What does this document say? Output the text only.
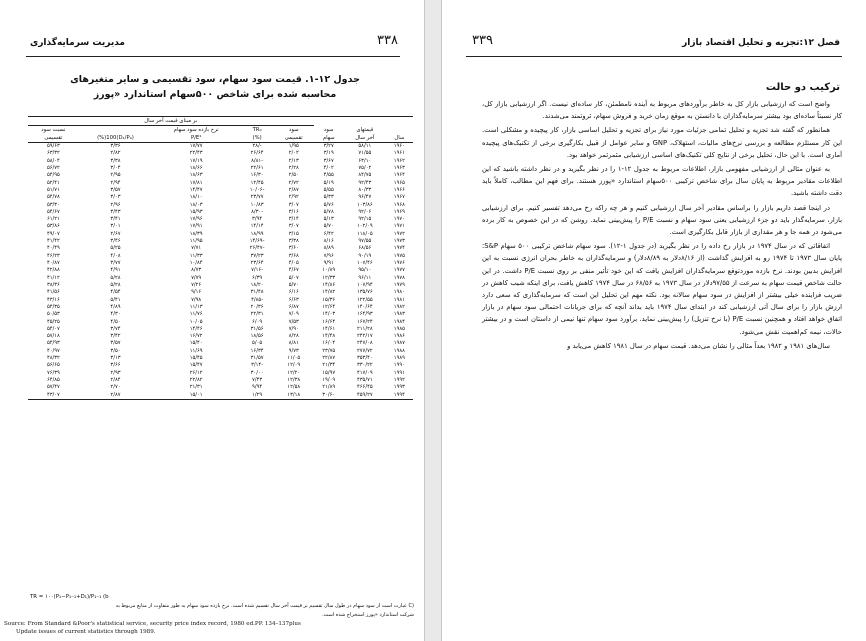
۳۳۸
مدیریت سرمایه‌گذاری
جدول ۱۲-۱. قیمت سود سهام، سود تقسیمی و سایر متغیرهای
محاسبه شده برای شاخص ۵۰۰سهام استاندارد «پورز
			بر مبنای قیمت آخر سال				
	قیمتهای	سود	سود	TR₀	نرخ بازده سود سهام		نسبت سود
سال	آخر سال	سهام	تقسیمی	(%)	P/E¹	(D₁/P₀)100(%)	تقسیمی
۱۹۶۰	۵۸/۱۱	۳/۲۷	۱/۹۵	-/۲۸	۱۷/۷۷	۳/۳۶	۵۹/۶۳
۱۹۶۱	۷۱/۵۵	۳/۱۹	۲/۰۲	۲۶/۶۴	۲۲/۴۳	۲/۸۲	۶۳/۳۲
۱۹۶۲	۶۳/۱۰	۳/۶۷	۲/۱۳	-۸/۸۱	۱۷/۱۹	۳/۳۸	۵۸/۰۴
۱۹۶۳	۷۵/۰۲	۴/۰۲	۲/۲۸	۲۲/۶۱	۱۸/۶۶	۳/۰۴	۵۶/۷۲
۱۹۶۴	۸۴/۷۵	۴/۵۵	۲/۵۰	۱۶/۳۰	۱۸/۶۳	۲/۹۵	۵۴/۹۵
۱۹۶۵	۹۲/۴۳	۵/۱۹	۲/۷۲	۱۲/۴۵	۱۷/۸۱	۲/۹۴	۵۲/۴۱
۱۹۶۶	۸۰/۳۳	۵/۵۵	۲/۸۷	-۱۰/۰۶	۱۴/۴۷	۳/۵۷	۵۱/۷۱
۱۹۶۷	۹۶/۴۷	۵/۳۳	۲/۹۲	۲۳/۷۷	۱۸/۱۰	۳/۰۳	۵۴/۷۸
۱۹۶۸	۱۰۳/۸۶	۵/۷۶	۳/۰۷	۱۰/۸۳	۱۸/۰۳	۲/۹۶	۵۳/۳۰
۱۹۶۹	۹۲/۰۶	۵/۷۸	۳/۱۶	-۸/۳۰	۱۵/۹۳	۳/۴۳	۵۴/۶۷
۱۹۷۰	۹۲/۱۵	۵/۱۳	۳/۱۴	۳/۹۴	۱۷/۹۶	۳/۴۱	۶۱/۲۱
۱۹۷۱	۱۰۲/۰۹	۵/۷۰	۳/۰۷	۱۴/۱۴	۱۷/۹۱	۳/۰۱	۵۳/۸۶
۱۹۷۲	۱۱۸/۰۵	۶/۴۲	۳/۱۵	۱۸/۹۹	۱۸/۳۹	۲/۶۷	۴۹/۰۷
۱۹۷۳	۹۷/۵۵	۸/۱۶	۳/۳۸	-۱۴/۶۹	۱۱/۹۵	۳/۴۶	۴۱/۴۲
۱۹۷۴	۶۸/۵۶	۸/۸۹	۳/۶۰	-۲۶/۴۷	۷/۷۱	۵/۲۵	۴۰/۴۹
۱۹۷۵	۹۰/۱۹	۷/۹۶	۳/۶۸	۳۷/۲۳	۱۱/۳۳	۴/۰۸	۴۶/۲۳
۱۹۷۶	۱۰۷/۴۶	۹/۹۱	۴/۰۵	۲۳/۶۴	۱۰/۸۴	۳/۷۷	۴۰/۸۷
۱۹۷۷	۹۵/۱۰	۱۰/۸۹	۴/۶۷	-۷/۱۶	۸/۷۳	۴/۹۱	۴۲/۸۸
۱۹۷۸	۹۶/۱۱	۱۲/۳۳	۵/۰۷	۶/۳۹	۷/۷۹	۵/۲۸	۴۱/۱۲
۱۹۷۹	۱۰۷/۹۴	۱۴/۸۶	۵/۷۰	۱۸/۲۰	۷/۲۶	۵/۲۸	۳۸/۳۶
۱۹۸۰	۱۳۵/۷۶	۱۴/۸۲	۶/۱۶	۳۱/۴۸	۹/۱۶	۴/۵۴	۴۱/۵۶
۱۹۸۱	۱۲۲/۵۵	۱۵/۳۶	۶/۶۳	-۴/۸۵	۷/۹۸	۵/۴۱	۴۳/۱۶
۱۹۸۲	۱۴۰/۶۴	۱۲/۶۴	۶/۸۷	۲۰/۳۶	۱۱/۱۳	۴/۸۹	۵۴/۳۵
۱۹۸۳	۱۶۴/۹۳	۱۴/۰۳	۷/۰۹	۲۲/۳۱	۱۱/۷۶	۴/۳۰	۵۰/۵۳
۱۹۸۴	۱۶۷/۲۴	۱۶/۶۴	۷/۵۳	۶/۰۹	۱۰/۰۵	۴/۵۰	۴۵/۲۵
۱۹۸۵	۲۱۱/۲۸	۱۴/۶۱	۷/۹۰	۳۱/۵۶	۱۴/۴۶	۳/۷۴	۵۴/۰۷
۱۹۸۶	۲۴۲/۱۷	۱۴/۴۸	۸/۲۸	۱۸/۵۶	۱۶/۷۲	۳/۴۲	۵۷/۱۸
۱۹۸۷	۲۴۷/۰۸	۱۶/۰۴	۸/۸۱	۵/۰۵	۱۵/۴۰	۳/۵۷	۵۴/۹۳
۱۹۸۸	۲۷۷/۷۲	۲۳/۷۵	۹/۷۳	۱۶/۳۴	۱۱/۶۹	۳/۵۰	۴۰/۹۷
۱۹۸۹	۳۵۳/۴۰	۲۲/۸۷	۱۱/۰۵	۳۱/۵۷	۱۵/۴۵	۳/۱۳	۴۸/۳۲
۱۹۹۰	۳۳۰/۲۲	۲۱/۳۴	۱۲/۰۹	-۳/۱۴	۱۵/۴۷	۳/۶۶	۵۶/۶۵
۱۹۹۱	۴۱۷/۰۹	۱۵/۹۷	۱۲/۲۰	۳۰/۰۰	۲۶/۱۲	۲/۹۳	۷۶/۳۹
۱۹۹۲	۴۳۵/۷۱	۱۹/۰۹	۱۲/۳۸	۷/۴۳	۲۲/۸۲	۲/۸۴	۶۴/۸۵
۱۹۹۳	۴۶۶/۴۵	۲۱/۸۹	۱۲/۵۸	۹/۹۴	۲۱/۳۱	۲/۷۰	۵۷/۴۷
۱۹۹۴	۴۵۹/۲۷	۳۰/۶۰	۱۳/۱۸	۱/۲۹	۱۵/۰۱	۲/۸۷	۴۳/۰۷
TR = ۱۰۰(P₁−P₁₋₁+D₁)/P₁₋₁ (b
(C عبارت است از سود سهام در طول سال تقسیم بر قیمت آخر سال تقسیم شده است. نرخ بازده سود سهام به طور متفاوت از منابع مربوط به
شرکت استاندارد «پورز استخراج شده است.
Source: From Standard &Poor's statistical service, security price index record, 1980 ed.PP. 134–137plus
Update issues of current statistics through 1989.
۳۳۹	فصل ۱۲:تجزیه و تحلیل اقتصاد بازار
ترکیب دو حالت

واضح است که ارزشیابی بازار کل به خاطر برآوردهای مربوط به آینده نامطمئن، کار ساده‌ای نیست. اگر ارزشیابی بازار کل، کار نسبتاً ساده‌ای بود بیشتر سرمایه‌گذاران با دانستن به موقع زمان خرید و فروش سهام، ثروتمند می‌شدند.

همانطور که گفته شد تجزیه و تحلیل تمامی جزئیات مورد نیاز برای تجزیه و تحلیل اساسی بازار، کار پیچیده و مشکلی است. این کار مستلزم مطالعه و بررسی نرخ‌های مالیات، استهلاک، GNP و سایر عوامل از قبیل بکارگیری برخی از تکنیک‌های پیچیده آماری است. با این حال، تحلیل برخی از نتایج کلی تکنیک‌های اساسی ارزشیابی مثمرثمر خواهد بود.

به عنوان مثالی از ارزشیابی مفهومی بازار، اطلاعات مربوط به جدول ۱۲-۱ را در نظر بگیرید و در نظر داشته باشید که این اطلاعات مقادیر مربوط به پایان سال برای شاخص ترکیبی ۵۰۰سهام استاندارد «پورز هستند. برای فهم این مطالب، کاملاً باید دقت داشته باشید.

در اینجا قصد داریم بازار را براساس مقادیر آخر سال ارزشیابی کنیم و هر چه راکه رخ می‌دهد تفسیر کنیم. برای ارزشیابی بازار، سرمایه‌گذار باید دو جزء ارزشیابی یعنی سود سهام و نسبت P/E را پیش‌بینی نماید. روشن که در این خصوص به کار برده می‌شود در همه جا و هر مقداری از بازار قابل بکارگیری است.

اتفاقاتی که در سال ۱۹۷۴ در بازار رخ داده را در نظر بگیرید (در جدول ۱-۱۲). سود سهام شاخص ترکیبی ۵۰۰ سهام S&P: پایان سال ۱۹۷۳ تا ۱۹۷۴ رو به افزایش گذاشت (از ۸/۱۶دلار به ۸/۸۹دلار) و سرمایه‌گذاران به خاطر بحران انرژی نسبت به این افزایش بدبین بودند. نرخ بازده موردتوقع سرمایه‌گذاران افزایش یافت که این خود تأثیر منفی بر روی نسبت P/E داشت. در این حالت شاخص قیمت سهام به سرعت از ۹۷/۵۵دلار در سال ۱۹۷۳ به ۶۸/۵۶ در سال ۱۹۷۴ کاهش یافت، برای اینکه شیب کاهش در ضریب فزاینده خیلی بیشتر از افزایش در سود سهام سالانه بود. نکته مهم این تحلیل این است که سرمایه‌گذاری که سعی دارد ارزش بازار را برای سال آتی ارزشیابی کند در ابتدای سال ۱۹۷۴ باید بداند آنچه که برای جریانات احتمالی سود سهام در بازار اتفاق خواهد افتاد و همچنین نسبت P/E (با نرخ تنزیل) را پیش‌بینی نماید. برآورد سود سهام تنها نیمی از داستان است و در بیشتر حالات، نیمه کم‌اهمیت نقش می‌شود.

سال‌های ۱۹۸۱ و ۱۹۸۲ بعداً مثالی را نشان می‌دهد. قیمت سهام در سال ۱۹۸۱ کاهش می‌یابد و
